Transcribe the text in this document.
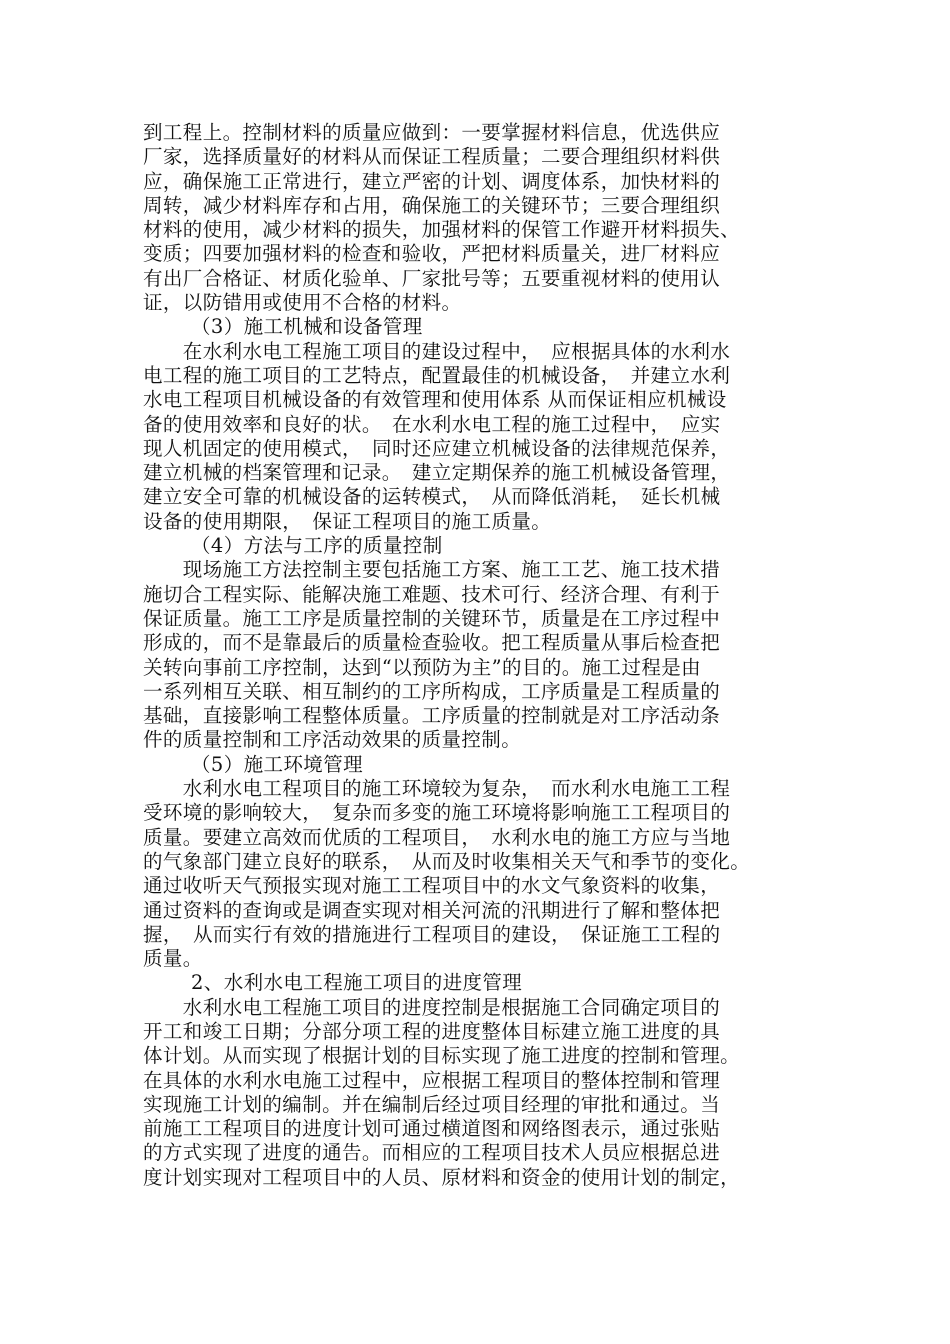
到工程上。控制材料的质量应做到：一要掌握材料信息，优选供应
厂家，选择质量好的材料从而保证工程质量；二要合理组织材料供
应，确保施工正常进行，建立严密的计划、调度体系，加快材料的
周转，减少材料库存和占用，确保施工的关键环节；三要合理组织
材料的使用，减少材料的损失，加强材料的保管工作避开材料损失、
变质；四要加强材料的检查和验收，严把材料质量关，进厂材料应
有出厂合格证、材质化验单、厂家批号等；五要重视材料的使用认
证，以防错用或使用不合格的材料。
（3）施工机械和设备管理
　　在水利水电工程施工项目的建设过程中，　应根据具体的水利水
电工程的施工项目的工艺特点，配置最佳的机械设备，　并建立水利
水电工程项目机械设备的有效管理和使用体系 从而保证相应机械设
备的使用效率和良好的状。　在水利水电工程的施工过程中，　应实
现人机固定的使用模式，　同时还应建立机械设备的法律规范保养，
建立机械的档案管理和记录。　建立定期保养的施工机械设备管理，
建立安全可靠的机械设备的运转模式，　从而降低消耗，　延长机械
设备的使用期限，　保证工程项目的施工质量。
（4）方法与工序的质量控制
　　现场施工方法控制主要包括施工方案、施工工艺、施工技术措
施切合工程实际、能解决施工难题、技术可行、经济合理、有利于
保证质量。施工工序是质量控制的关键环节，质量是在工序过程中
形成的，而不是靠最后的质量检查验收。把工程质量从事后检查把
关转向事前工序控制，达到“以预防为主”的目的。施工过程是由
一系列相互关联、相互制约的工序所构成，工序质量是工程质量的
基础，直接影响工程整体质量。工序质量的控制就是对工序活动条
件的质量控制和工序活动效果的质量控制。
（5）施工环境管理
　　水利水电工程项目的施工环境较为复杂，　而水利水电施工工程
受环境的影响较大，　复杂而多变的施工环境将影响施工工程项目的
质量。要建立高效而优质的工程项目，　水利水电的施工方应与当地
的气象部门建立良好的联系，　从而及时收集相关天气和季节的变化。
通过收听天气预报实现对施工工程项目中的水文气象资料的收集，
通过资料的查询或是调查实现对相关河流的汛期进行了解和整体把
握，　从而实行有效的措施进行工程项目的建设，　保证施工工程的
质量。
2、水利水电工程施工项目的进度管理
　　水利水电工程施工项目的进度控制是根据施工合同确定项目的
开工和竣工日期；分部分项工程的进度整体目标建立施工进度的具
体计划。从而实现了根据计划的目标实现了施工进度的控制和管理。
在具体的水利水电施工过程中，应根据工程项目的整体控制和管理
实现施工计划的编制。并在编制后经过项目经理的审批和通过。当
前施工工程项目的进度计划可通过横道图和网络图表示，通过张贴
的方式实现了进度的通告。而相应的工程项目技术人员应根据总进
度计划实现对工程项目中的人员、原材料和资金的使用计划的制定，
